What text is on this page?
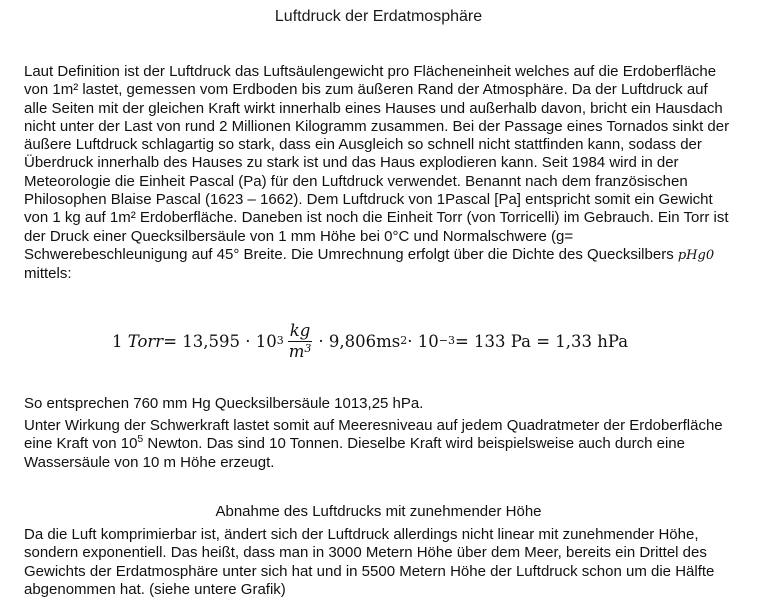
Luftdruck der Erdatmosphäre

Laut Definition ist der Luftdruck das Luftsäulengewicht pro Flächeneinheit welches auf die Erdoberfläche von 1m² lastet, gemessen vom Erdboden bis zum äußeren Rand der Atmosphäre. Da der Luftdruck auf alle Seiten mit der gleichen Kraft wirkt innerhalb eines Hauses und außerhalb davon, bricht ein Hausdach nicht unter der Last von rund 2 Millionen Kilogramm zusammen. Bei der Passage eines Tornados sinkt der äußere Luftdruck schlagartig so stark, dass ein Ausgleich so schnell nicht stattfinden kann, sodass der Überdruck innerhalb des Hauses zu stark ist und das Haus explodieren kann. Seit 1984 wird in der Meteorologie die Einheit Pascal (Pa) für den Luftdruck verwendet. Benannt nach dem französischen Philosophen Blaise Pascal (1623 – 1662). Dem Luftdruck von 1Pascal [Pa] entspricht somit ein Gewicht von 1 kg auf 1m² Erdoberfläche. Daneben ist noch die Einheit Torr (von Torricelli) im Gebrauch. Ein Torr ist der Druck einer Quecksilbersäule von 1 mm Höhe bei 0°C und Normalschwere (g= Schwerebeschleunigung auf 45° Breite. Die Umrechnung erfolgt über die Dichte des Quecksilbers pHg0 mittels:

1 Torr = 13,595 · 10 $3 \frac{kg}{m^3} \cdot 9,806ms$ 2 · 10 −3 = 133 Pa = 1,33 hPa

So entsprechen 760 mm Hg Quecksilbersäule 1013,25 hPa.

Unter Wirkung der Schwerkraft lastet somit auf Meeresniveau auf jedem Quadratmeter der Erdoberfläche eine Kraft von $10^5$ Newton. Das sind 10 Tonnen. Dieselbe Kraft wird beispielsweise auch durch eine Wassersäule von 10 m Höhe erzeugt.

Abnahme des Luftdrucks mit zunehmender Höhe

Da die Luft komprimierbar ist, ändert sich der Luftdruck allerdings nicht linear mit zunehmender Höhe, sondern exponentiell. Das heißt, dass man in 3000 Metern Höhe über dem Meer, bereits ein Drittel des Gewichts der Erdatmosphäre unter sich hat und in 5500 Metern Höhe der Luftdruck schon um die Hälfte abgenommen hat. (siehe untere Grafik)
